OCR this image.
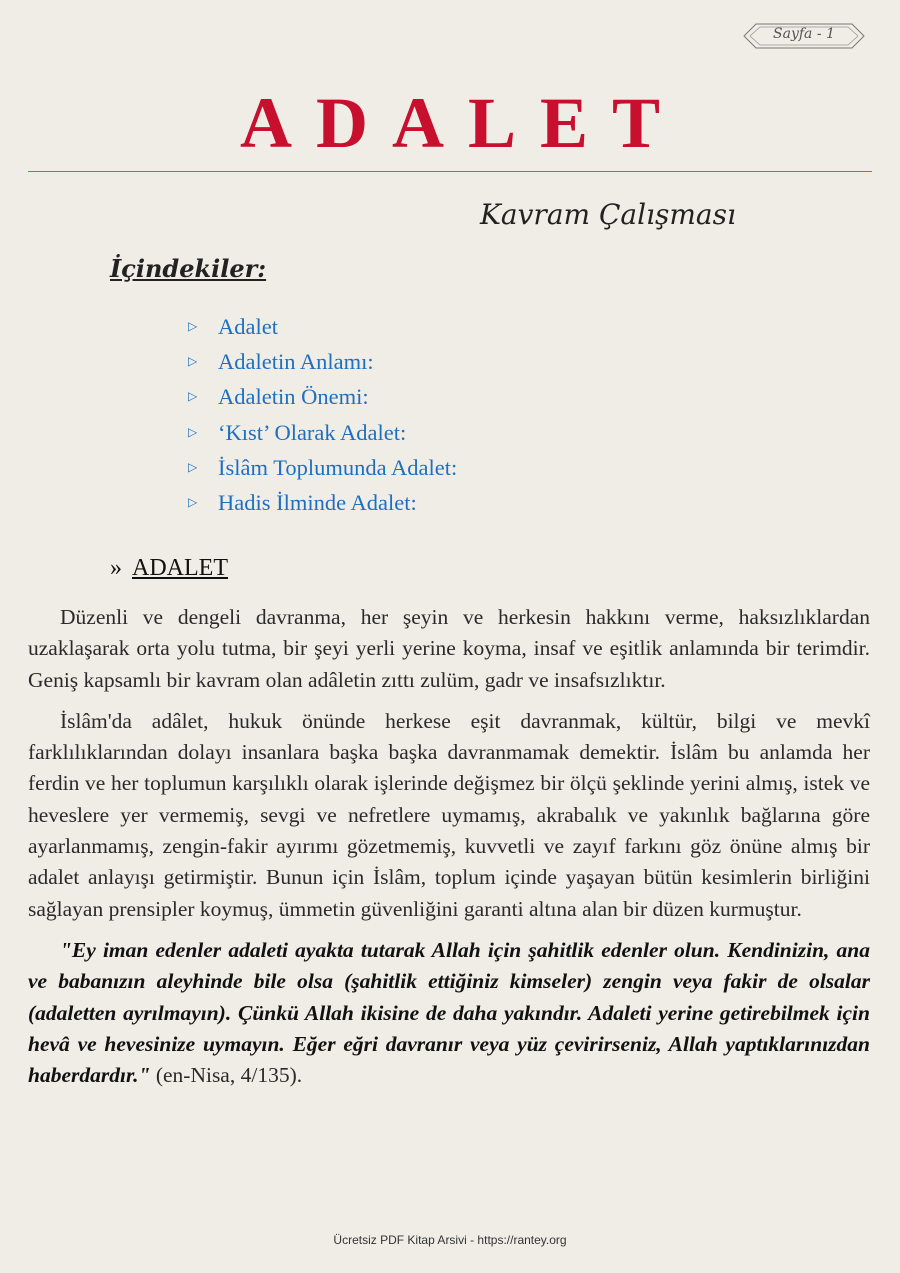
Sayfa - 1
ADALET
Kavram Çalışması
İçindekiler:
▷ Adalet
▷ Adaletin Anlamı:
▷ Adaletin Önemi:
▷ ‘Kıst’ Olarak Adalet:
▷ İslâm Toplumunda Adalet:
▷ Hadis İlminde Adalet:
» ADALET

Düzenli ve dengeli davranma, her şeyin ve herkesin hakkını verme, haksızlıklardan uzaklaşarak orta yolu tutma, bir şeyi yerli yerine koyma, insaf ve eşitlik anlamında bir terimdir. Geniş kapsamlı bir kavram olan adâletin zıttı zulüm, gadr ve insafsızlıktır.

İslâm'da adâlet, hukuk önünde herkese eşit davranmak, kültür, bilgi ve mevkî farklılıklarından dolayı insanlara başka başka davranmamak demektir. İslâm bu anlamda her ferdin ve her toplumun karşılıklı olarak işlerinde değişmez bir ölçü şeklinde yerini almış, istek ve heveslere yer vermemiş, sevgi ve nefretlere uymamış, akrabalık ve yakınlık bağlarına göre ayarlanmamış, zengin-fakir ayırımı gözetmemiş, kuvvetli ve zayıf farkını göz önüne almış bir adalet anlayışı getirmiştir. Bunun için İslâm, toplum içinde yaşayan bütün kesimlerin birliğini sağlayan prensipler koymuş, ümmetin güvenliğini garanti altına alan bir düzen kurmuştur.

"Ey iman edenler adaleti ayakta tutarak Allah için şahitlik edenler olun. Kendinizin, ana ve babanızın aleyhinde bile olsa (şahitlik ettiğiniz kimseler) zengin veya fakir de olsalar (adaletten ayrılmayın). Çünkü Allah ikisine de daha yakındır. Adaleti yerine getirebilmek için hevâ ve hevesinize uymayın. Eğer eğri davranır veya yüz çevirirseniz, Allah yaptıklarınızdan haberdardır." (en-Nisa, 4/135).

Ücretsiz PDF Kitap Arsivi - https://rantey.org
